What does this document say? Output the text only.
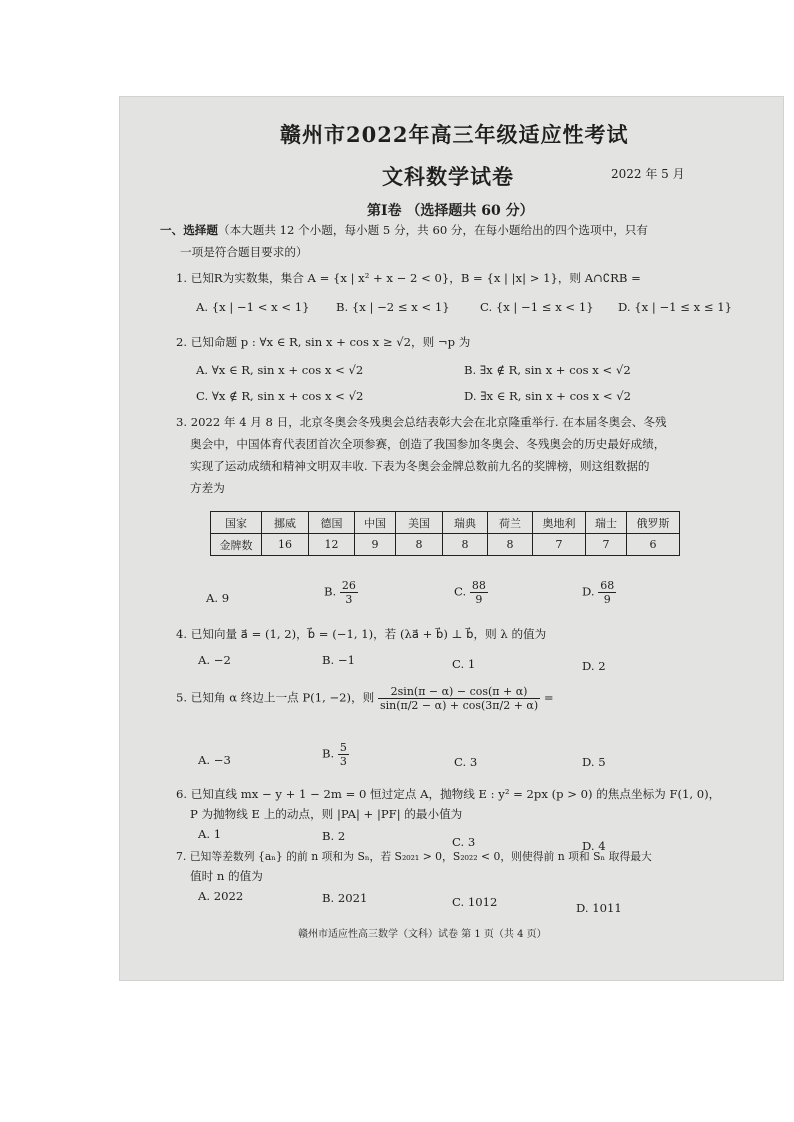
赣州市2022年高三年级适应性考试
文科数学试卷	2022 年 5 月
第Ⅰ卷 （选择题共 60 分）
一、选择题（本大题共 12 个小题，每小题 5 分，共 60 分，在每小题给出的四个选项中，只有
一项是符合题目要求的）
1. 已知R为实数集，集合 A = {x | x² + x − 2 < 0}，B = {x | |x| > 1}，则 A∩∁RB =
A. {x | −1 < x < 1} B. {x | −2 ≤ x < 1}	C. {x | −1 ≤ x < 1} D. {x | −1 ≤ x ≤ 1}
2. 已知命题 p : ∀x ∈ R, sin x + cos x ≥ √2，则 ¬p 为
A. ∀x ∈ R, sin x + cos x < √2	B. ∃x ∉ R, sin x + cos x < √2
C. ∀x ∉ R, sin x + cos x < √2	D. ∃x ∈ R, sin x + cos x < √2
3. 2022 年 4 月 8 日，北京冬奥会冬残奥会总结表彰大会在北京隆重举行. 在本届冬奥会、冬残
奥会中，中国体育代表团首次全项参赛，创造了我国参加冬奥会、冬残奥会的历史最好成绩，
实现了运动成绩和精神文明双丰收. 下表为冬奥会金牌总数前九名的奖牌榜，则这组数据的
方差为
国家	挪威	德国	中国	美国	瑞典	荷兰	奥地利	瑞士	俄罗斯
金牌数	16	12	9	8	8	8	7	7	6
A. 9	B. $\frac{26}{3}$	C. $\frac{88}{9}$	D. $\frac{68}{9}$
4. 已知向量 a⃗ = (1, 2)，b⃗ = (−1, 1)，若 (λa⃗ + b⃗) ⊥ b⃗，则 λ 的值为
A. −2	B. −1	C. 1	D. 2
5. 已知角 α 终边上一点 P(1, −2)，则 $\frac{2\sin(\pi - \alpha) - \cos(\pi + \alpha)}{\sin(\pi/2 - \alpha) + \cos(3\pi/2 + \alpha)}$ =
A. −3	B. $\frac{5}{3}$	C. 3	D. 5
6. 已知直线 mx − y + 1 − 2m = 0 恒过定点 A，抛物线 E : y² = 2px (p > 0) 的焦点坐标为 F(1, 0)，
P 为抛物线 E 上的动点，则 |PA| + |PF| 的最小值为
A. 1	B. 2	C. 3	D. 4
7. 已知等差数列 {aₙ} 的前 n 项和为 Sₙ，若 S₂₀₂₁ > 0，S₂₀₂₂ < 0，则使得前 n 项和 Sₙ 取得最大
值时 n 的值为
A. 2022	B. 2021	C. 1012	D. 1011
赣州市适应性高三数学（文科）试卷 第 1 页（共 4 页）
